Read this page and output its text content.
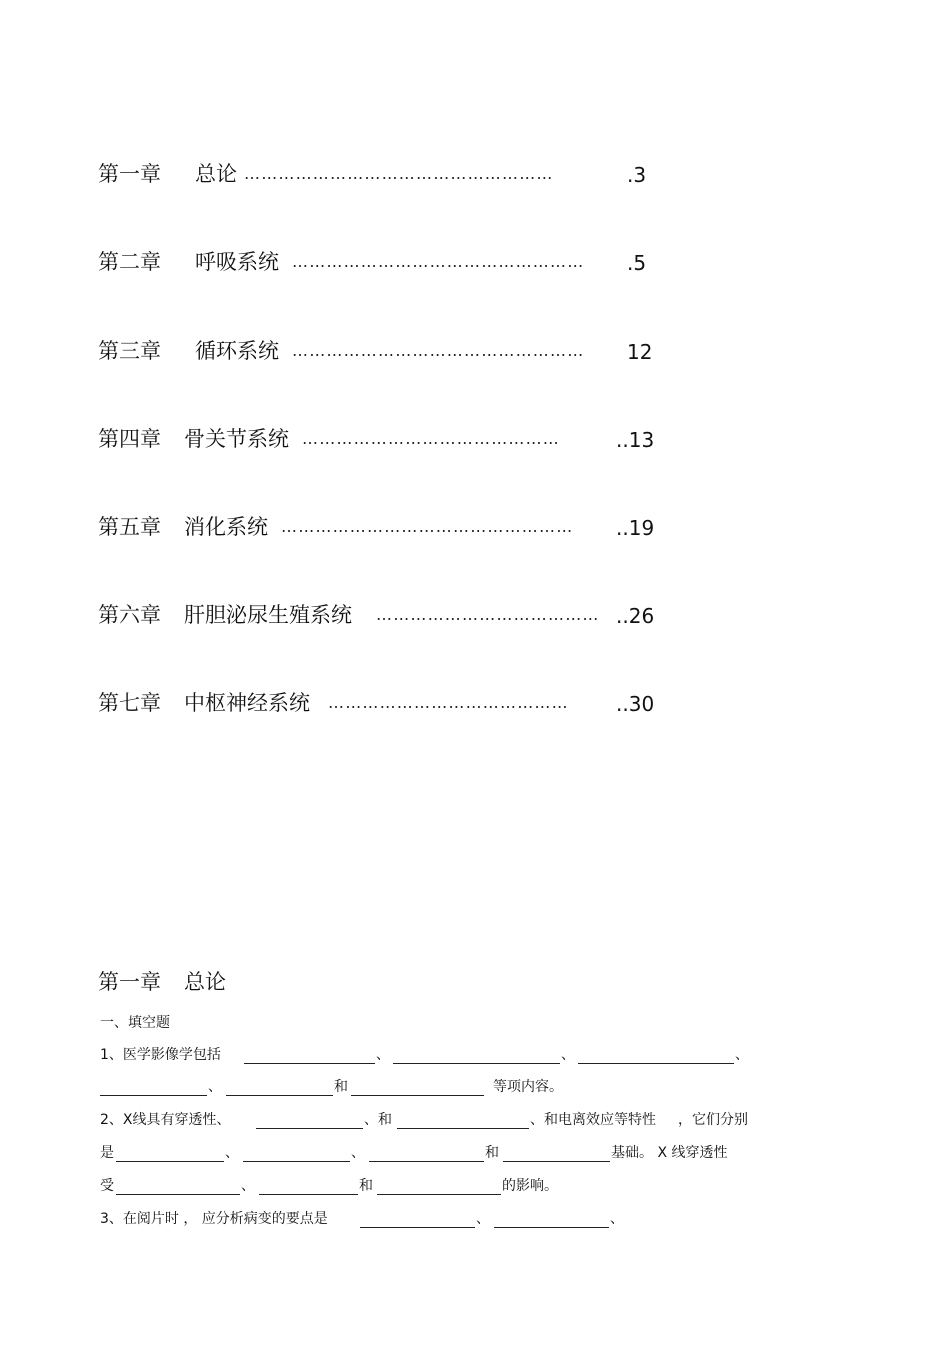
第一章 总论 ………………………………………………	.3
第二章 呼吸系统 …………………………………………… .5
第三章 循环系统 …………………………………………… 12
第四章 骨关节系统 ………………………………………	..13
第五章 消化系统 …………………………………………… ..19
第六章 肝胆泌尿生殖系统 ………………………………… ..26
第七章 中枢神经系统 …………………………………… ..30
第一章 总论
一、填空题
1、医学影像学包括	、	、	、
、	和	等项内容。
2、X线具有穿透性、	、和	、和电离效应等特性 ，它们分别
是	、	、	和	基础。 X 线穿透性
受	、	和	的影响。
3、在阅片时 ， 应分析病变的要点是	、	、
